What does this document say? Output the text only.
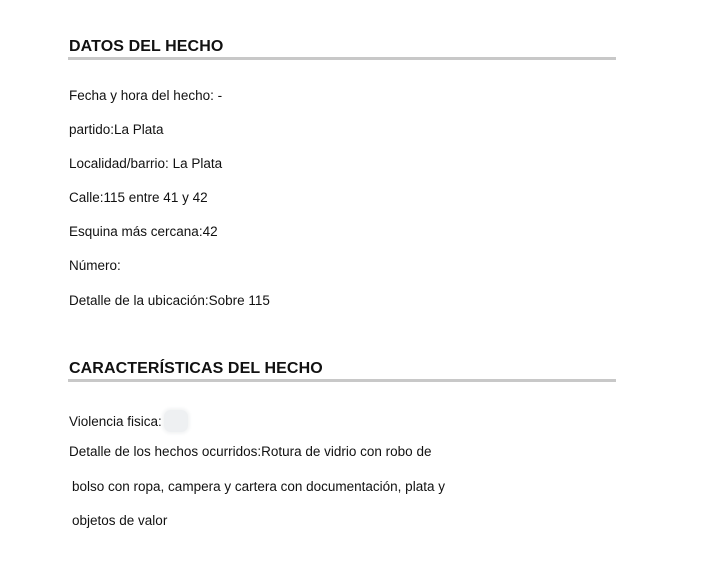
DATOS DEL HECHO

Fecha y hora del hecho: -

partido:La Plata

Localidad/barrio: La Plata

Calle:115 entre 41 y 42

Esquina más cercana:42

Número:

Detalle de la ubicación:Sobre 115

CARACTERÍSTICAS DEL HECHO

Violencia fisica:

Detalle de los hechos ocurridos:Rotura de vidrio con robo de

bolso con ropa, campera y cartera con documentación, plata y

objetos de valor
